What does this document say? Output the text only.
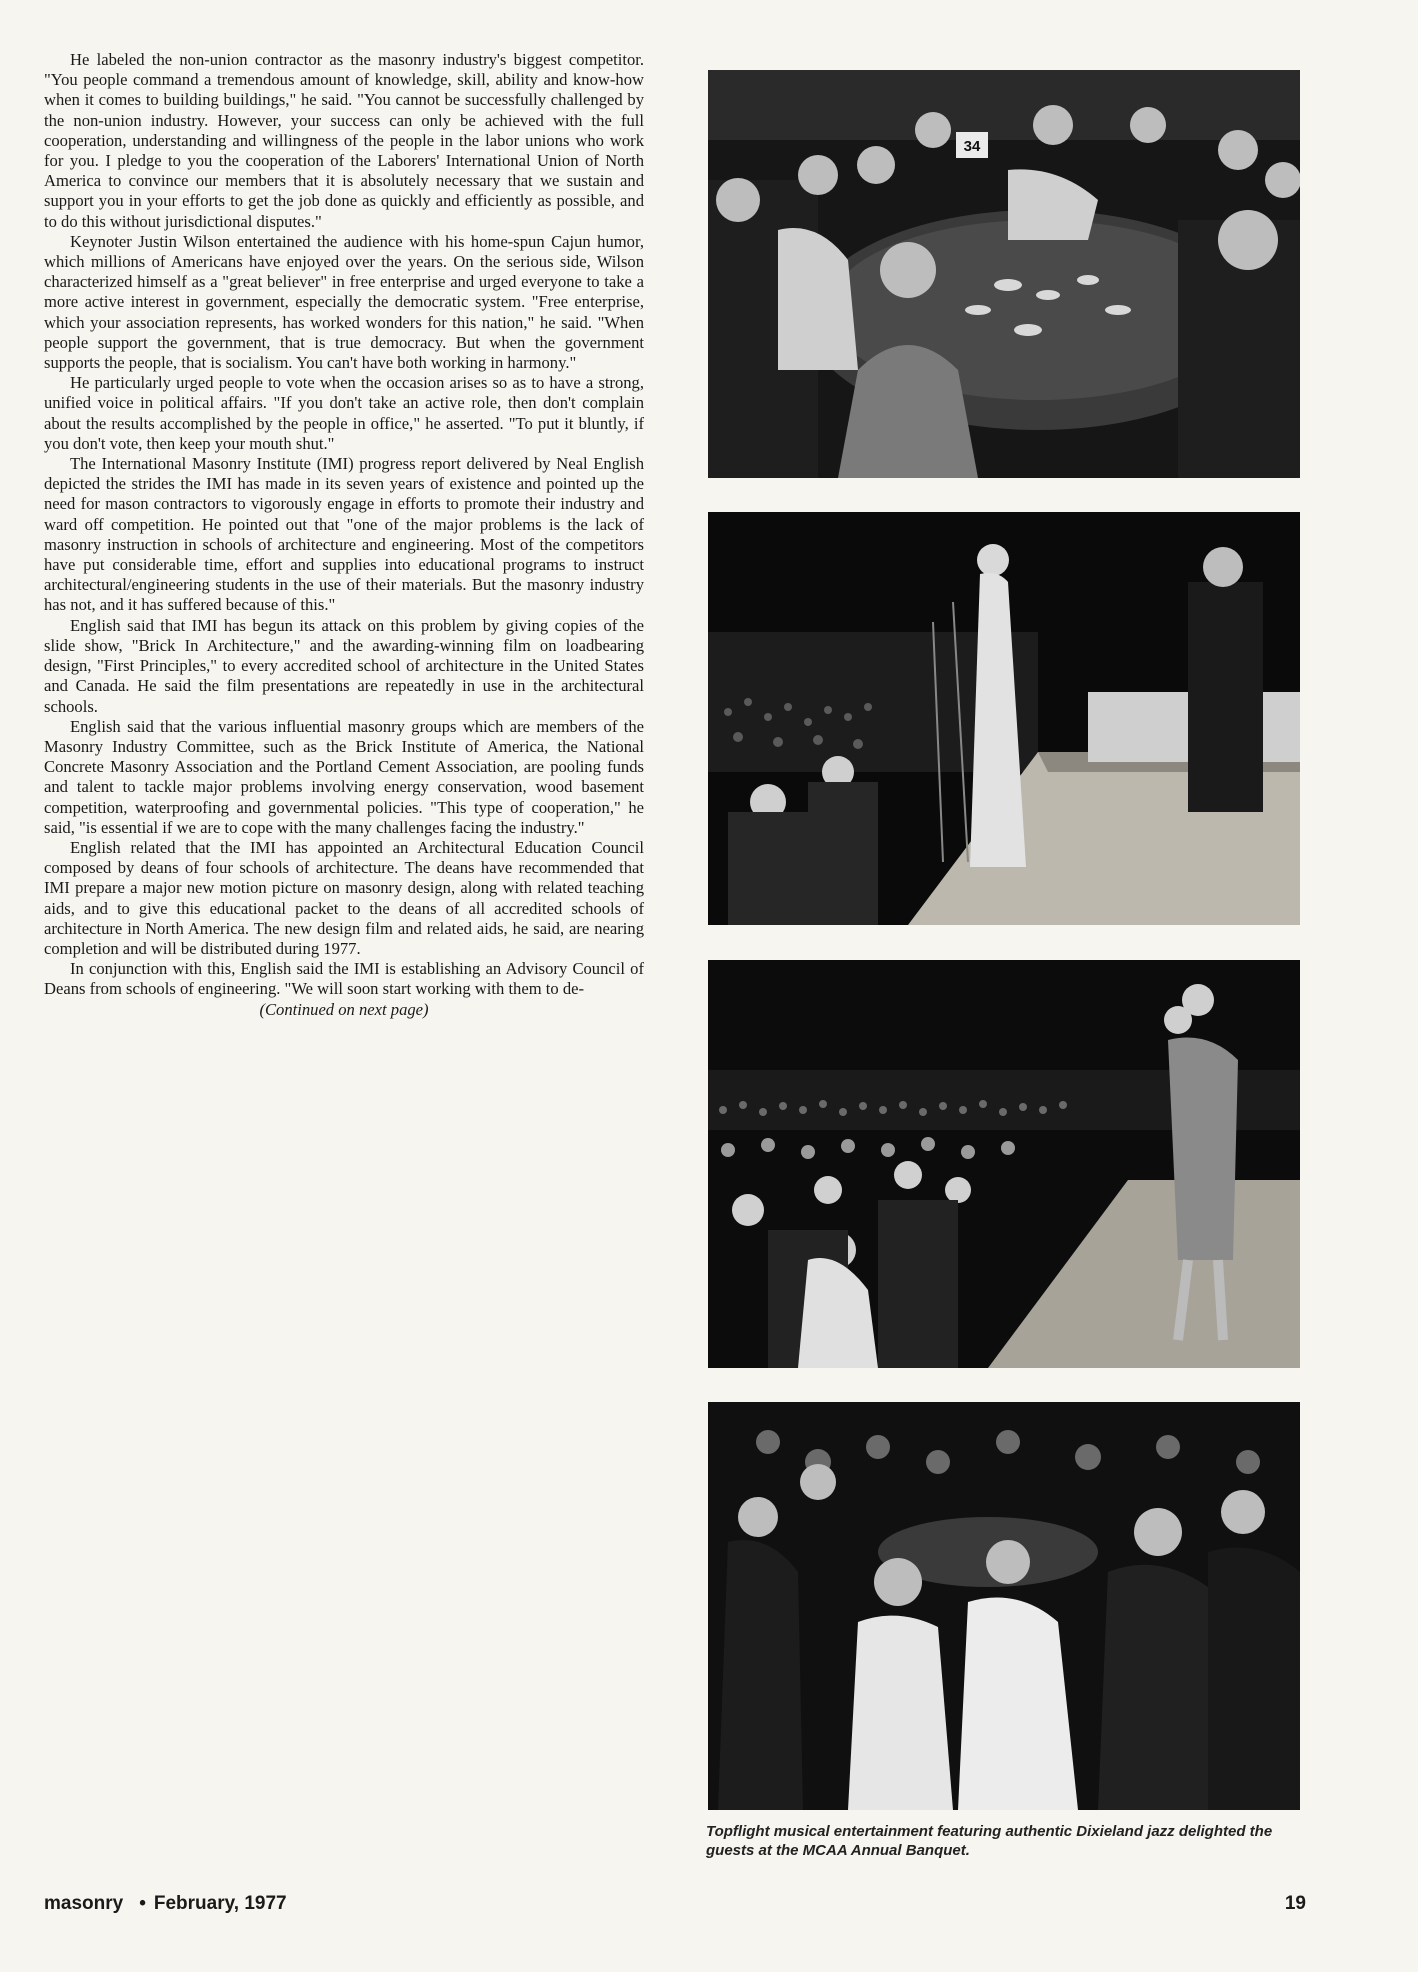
He labeled the non-union contractor as the masonry industry's biggest competitor. "You people command a tremendous amount of knowledge, skill, ability and know-how when it comes to building buildings," he said. "You cannot be successfully challenged by the non-union industry. However, your success can only be achieved with the full cooperation, understanding and willingness of the people in the labor unions who work for you. I pledge to you the cooperation of the Laborers' International Union of North America to convince our members that it is absolutely necessary that we sustain and support you in your efforts to get the job done as quickly and efficiently as possible, and to do this without jurisdictional disputes."

Keynoter Justin Wilson entertained the audience with his home-spun Cajun humor, which millions of Americans have enjoyed over the years. On the serious side, Wilson characterized himself as a "great believer" in free enterprise and urged everyone to take a more active interest in government, especially the democratic system. "Free enterprise, which your association represents, has worked wonders for this nation," he said. "When people support the government, that is true democracy. But when the government supports the people, that is socialism. You can't have both working in harmony."

He particularly urged people to vote when the occasion arises so as to have a strong, unified voice in political affairs. "If you don't take an active role, then don't complain about the results accomplished by the people in office," he asserted. "To put it bluntly, if you don't vote, then keep your mouth shut."

The International Masonry Institute (IMI) progress report delivered by Neal English depicted the strides the IMI has made in its seven years of existence and pointed up the need for mason contractors to vigorously engage in efforts to promote their industry and ward off competition. He pointed out that "one of the major problems is the lack of masonry instruction in schools of architecture and engineering. Most of the competitors have put considerable time, effort and supplies into educational programs to instruct architectural/engineering students in the use of their materials. But the masonry industry has not, and it has suffered because of this."

English said that IMI has begun its attack on this problem by giving copies of the slide show, "Brick In Architecture," and the awarding-winning film on loadbearing design, "First Principles," to every accredited school of architecture in the United States and Canada. He said the film presentations are repeatedly in use in the architectural schools.

English said that the various influential masonry groups which are members of the Masonry Industry Committee, such as the Brick Institute of America, the National Concrete Masonry Association and the Portland Cement Association, are pooling funds and talent to tackle major problems involving energy conservation, wood basement competition, waterproofing and governmental policies. "This type of cooperation," he said, "is essential if we are to cope with the many challenges facing the industry."

English related that the IMI has appointed an Architectural Education Council composed by deans of four schools of architecture. The deans have recommended that IMI prepare a major new motion picture on masonry design, along with related teaching aids, and to give this educational packet to the deans of all accredited schools of architecture in North America. The new design film and related aids, he said, are nearing completion and will be distributed during 1977.

In conjunction with this, English said the IMI is establishing an Advisory Council of Deans from schools of engineering. "We will soon start working with them to de-

(Continued on next page)
34
Topflight musical entertainment featuring authentic Dixieland jazz delighted the guests at the MCAA Annual Banquet.
masonry • February, 1977	19
